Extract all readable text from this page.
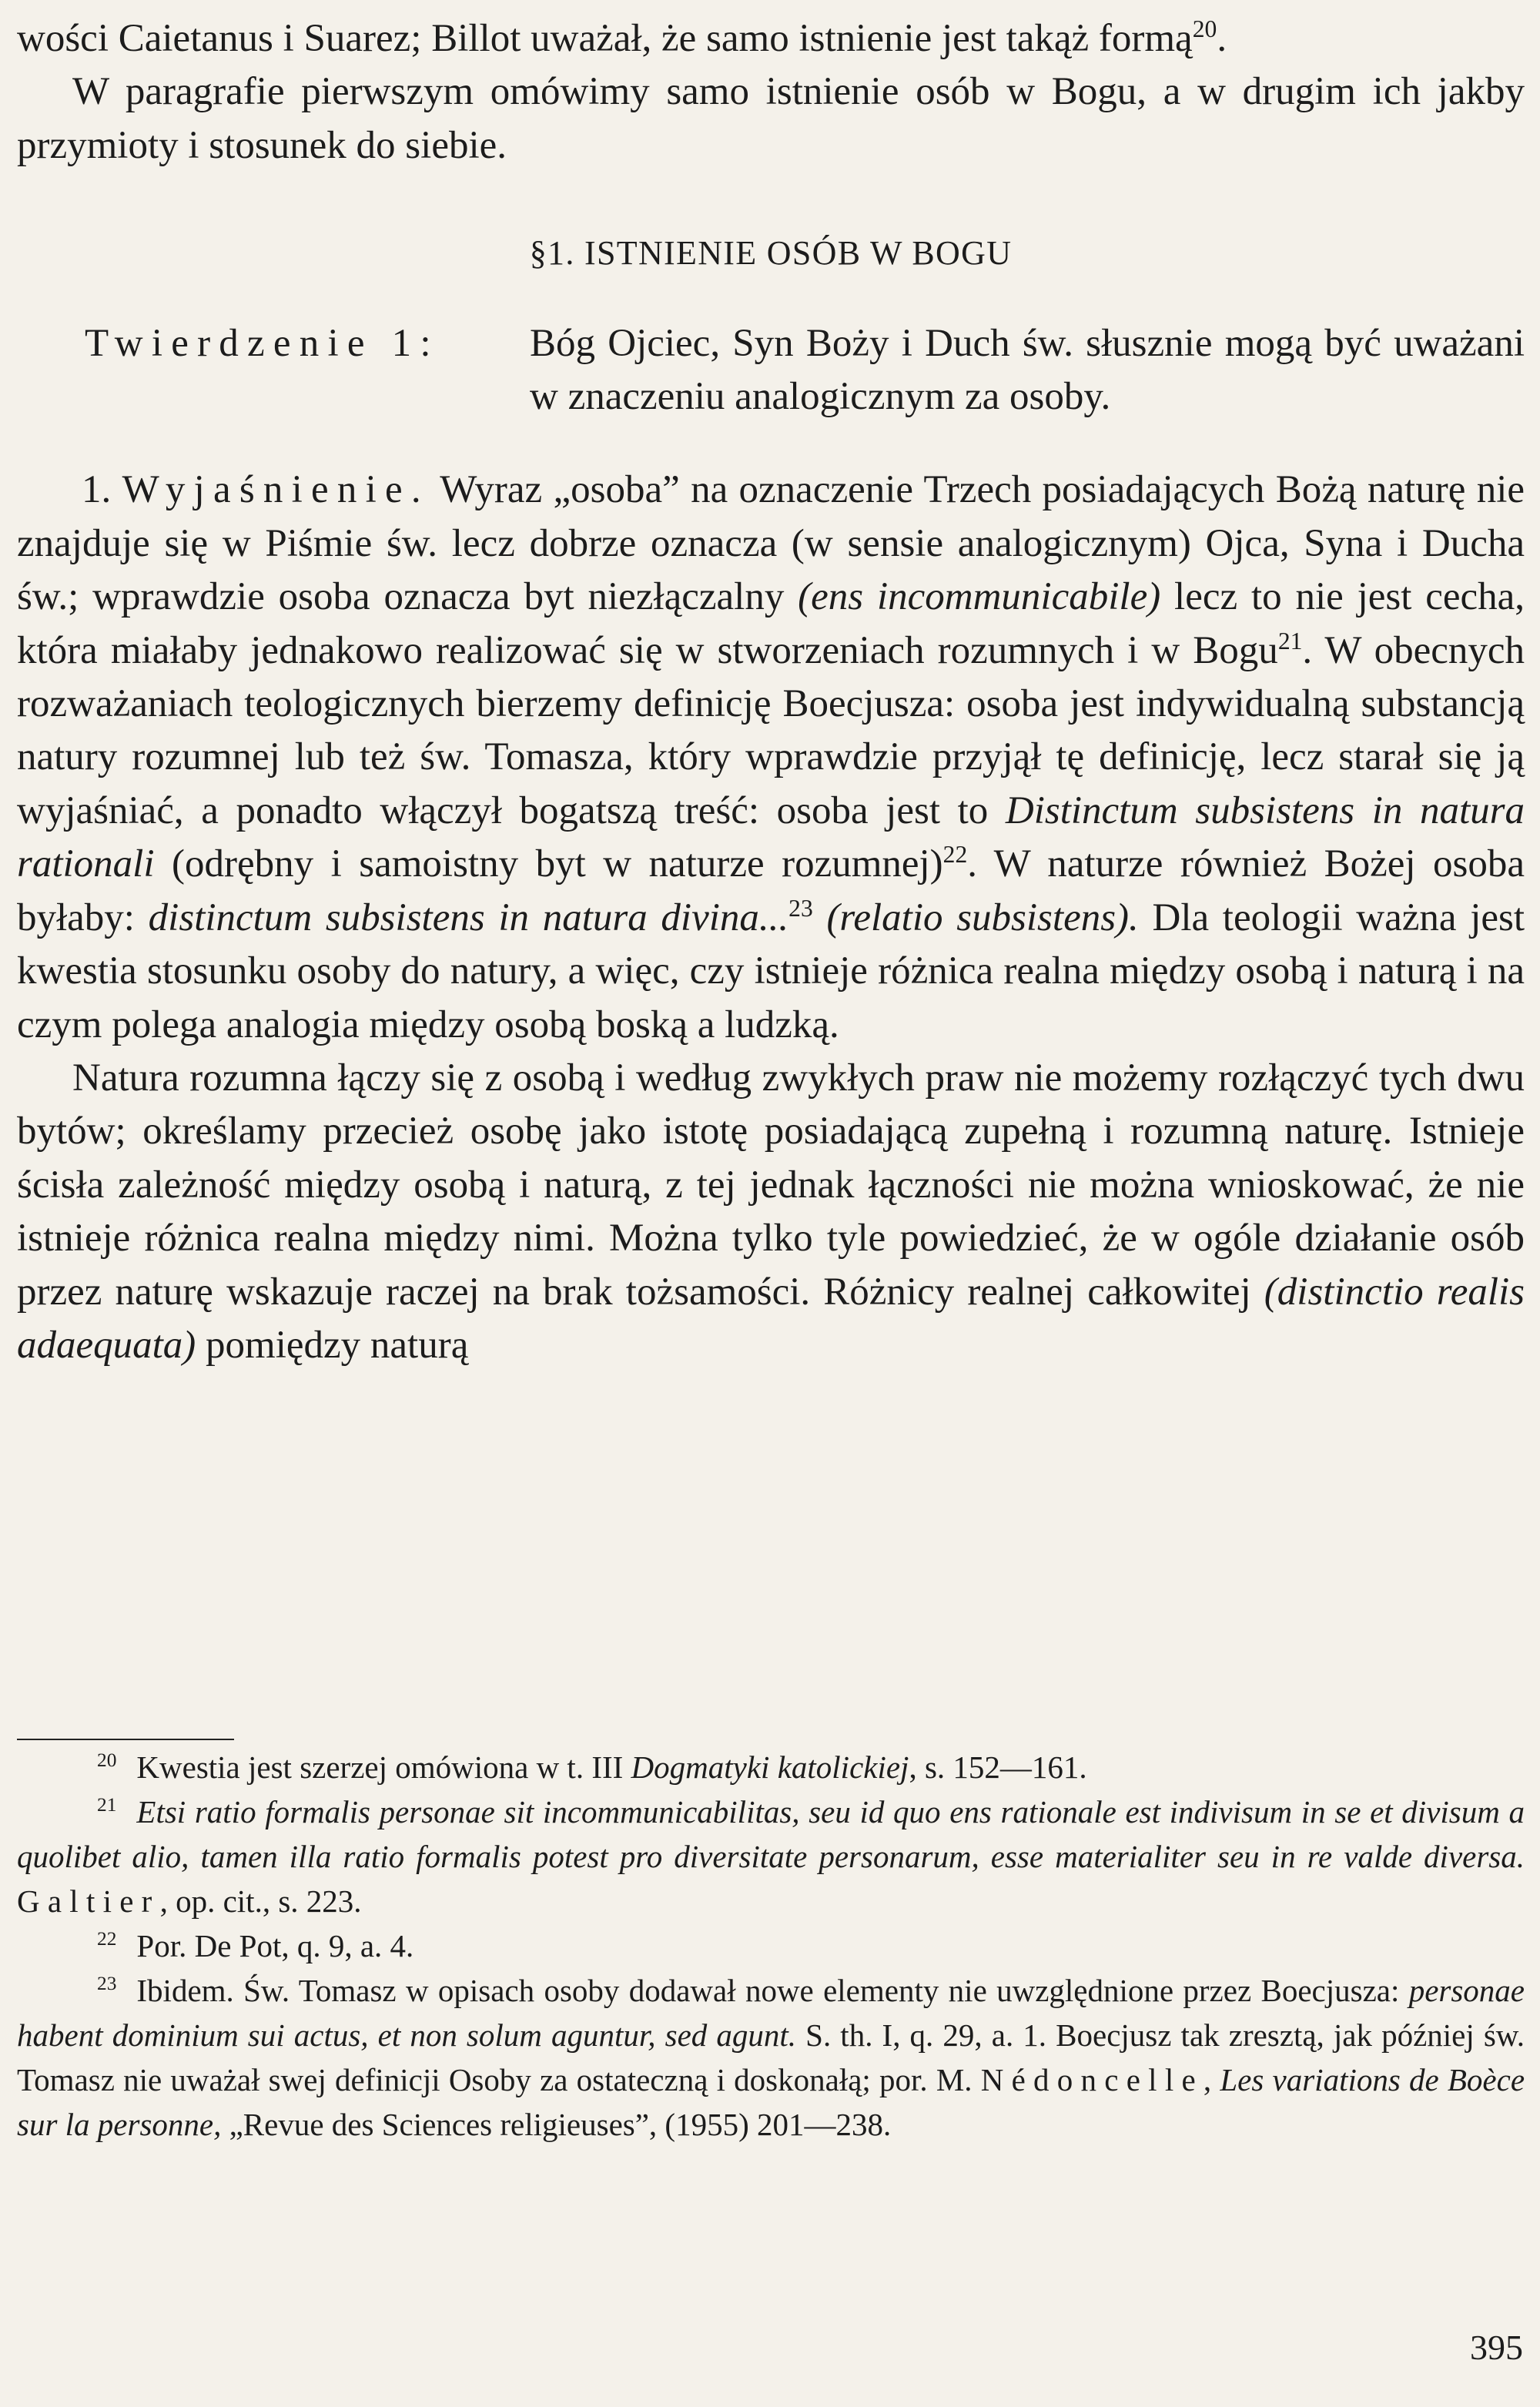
wości Caietanus i Suarez; Billot uważał, że samo istnienie jest takąż formą$^{20}$.

W paragrafie pierwszym omówimy samo istnienie osób w Bogu, a w drugim ich jakby przymioty i stosunek do siebie.

§1. ISTNIENIE OSÓB W BOGU

Twierdzenie 1:	Bóg Ojciec, Syn Boży i Duch św. słusznie mogą być uważani w znaczeniu analogicznym za osoby.

1. Wyjaśnienie. Wyraz „osoba” na oznaczenie Trzech posiadających Bożą naturę nie znajduje się w Piśmie św. lecz dobrze oznacza (w sensie analogicznym) Ojca, Syna i Ducha św.; wprawdzie osoba oznacza byt niezłączalny (ens incommunicabile) lecz to nie jest cecha, która miałaby jednakowo realizować się w stworzeniach rozumnych i w Bogu$^{21}$. W obecnych rozważaniach teologicznych bierzemy definicję Boecjusza: osoba jest indywidualną substancją natury rozumnej lub też św. Tomasza, który wprawdzie przyjął tę definicję, lecz starał się ją wyjaśniać, a ponadto włączył bogatszą treść: osoba jest to Distinctum subsistens in natura rationali (odrębny i samoistny byt w naturze rozumnej)$^{22}$. W naturze również Bożej osoba byłaby: distinctum subsistens in natura divina...$^{23}$ (relatio subsistens). Dla teologii ważna jest kwestia stosunku osoby do natury, a więc, czy istnieje różnica realna między osobą i naturą i na czym polega analogia między osobą boską a ludzką.

Natura rozumna łączy się z osobą i według zwykłych praw nie możemy rozłączyć tych dwu bytów; określamy przecież osobę jako istotę posiadającą zupełną i rozumną naturę. Istnieje ścisła zależność między osobą i naturą, z tej jednak łączności nie można wnioskować, że nie istnieje różnica realna między nimi. Można tylko tyle powiedzieć, że w ogóle działanie osób przez naturę wskazuje raczej na brak tożsamości. Różnicy realnej całkowitej (distinctio realis adaequata) pomiędzy naturą

$^{20}$ Kwestia jest szerzej omówiona w t. III Dogmatyki katolickiej, s. 152—161.

$^{21}$ Etsi ratio formalis personae sit incommunicabilitas, seu id quo ens rationale est indivisum in se et divisum a quolibet alio, tamen illa ratio formalis potest pro diversitate personarum, esse materialiter seu in re valde diversa. Galtier, op. cit., s. 223.

$^{22}$ Por. De Pot, q. 9, a. 4.

$^{23}$ Ibidem. Św. Tomasz w opisach osoby dodawał nowe elementy nie uwzględnione przez Boecjusza: personae habent dominium sui actus, et non solum aguntur, sed agunt. S. th. I, q. 29, a. 1. Boecjusz tak zresztą, jak później św. Tomasz nie uważał swej definicji Osoby za ostateczną i doskonałą; por. M. Nédoncelle, Les variations de Boèce sur la personne, „Revue des Sciences religieuses”, (1955) 201—238.

395
